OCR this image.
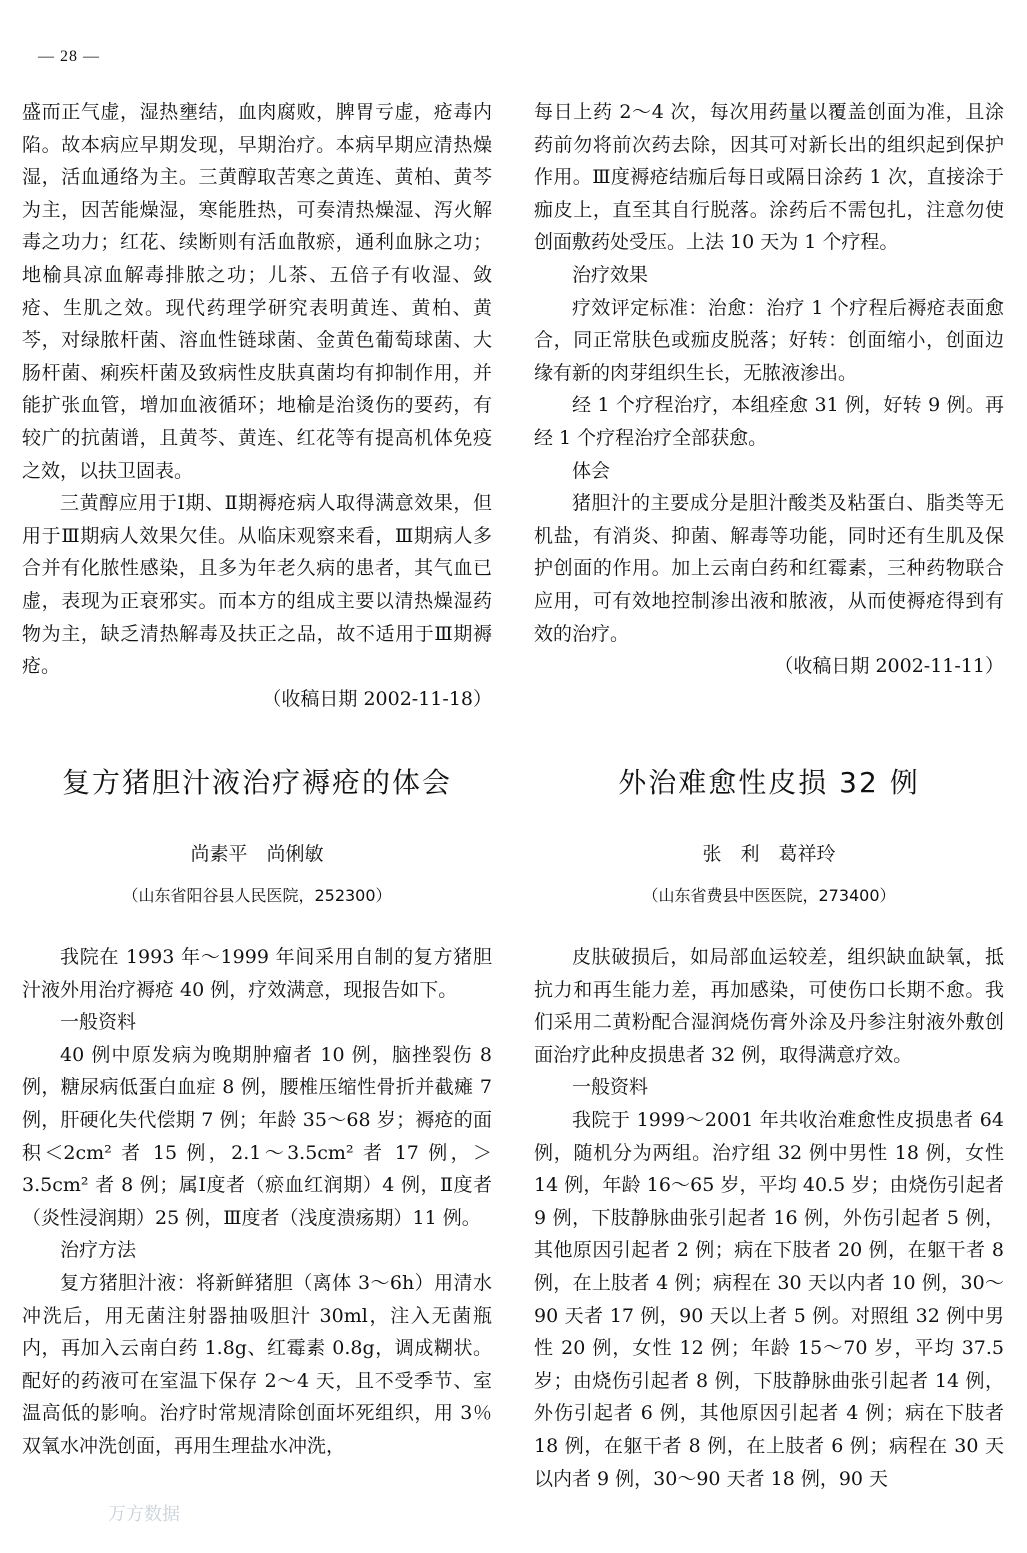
— 28 —

盛而正气虚，湿热壅结，血肉腐败，脾胃亏虚，疮毒内陷。故本病应早期发现，早期治疗。本病早期应清热燥湿，活血通络为主。三黄醇取苦寒之黄连、黄柏、黄芩为主，因苦能燥湿，寒能胜热，可奏清热燥湿、泻火解毒之功力；红花、续断则有活血散瘀，通利血脉之功；地榆具凉血解毒排脓之功；儿茶、五倍子有收湿、敛疮、生肌之效。现代药理学研究表明黄连、黄柏、黄芩，对绿脓杆菌、溶血性链球菌、金黄色葡萄球菌、大肠杆菌、痢疾杆菌及致病性皮肤真菌均有抑制作用，并能扩张血管，增加血液循环；地榆是治烫伤的要药，有较广的抗菌谱，且黄芩、黄连、红花等有提高机体免疫之效，以扶卫固表。

三黄醇应用于Ⅰ期、Ⅱ期褥疮病人取得满意效果，但用于Ⅲ期病人效果欠佳。从临床观察来看，Ⅲ期病人多合并有化脓性感染，且多为年老久病的患者，其气血已虚，表现为正衰邪实。而本方的组成主要以清热燥湿药物为主，缺乏清热解毒及扶正之品，故不适用于Ⅲ期褥疮。

（收稿日期 2002-11-18）

每日上药 2～4 次，每次用药量以覆盖创面为准，且涂药前勿将前次药去除，因其可对新长出的组织起到保护作用。Ⅲ度褥疮结痂后每日或隔日涂药 1 次，直接涂于痂皮上，直至其自行脱落。涂药后不需包扎，注意勿使创面敷药处受压。上法 10 天为 1 个疗程。

治疗效果

疗效评定标准：治愈：治疗 1 个疗程后褥疮表面愈合，同正常肤色或痂皮脱落；好转：创面缩小，创面边缘有新的肉芽组织生长，无脓液渗出。

经 1 个疗程治疗，本组痊愈 31 例，好转 9 例。再经 1 个疗程治疗全部获愈。

体会

猪胆汁的主要成分是胆汁酸类及粘蛋白、脂类等无机盐，有消炎、抑菌、解毒等功能，同时还有生肌及保护创面的作用。加上云南白药和红霉素，三种药物联合应用，可有效地控制渗出液和脓液，从而使褥疮得到有效的治疗。

（收稿日期 2002-11-11）

复方猪胆汁液治疗褥疮的体会
尚素平　尚俐敏
（山东省阳谷县人民医院，252300）
外治难愈性皮损 32 例
张　利　葛祥玲
（山东省费县中医医院，273400）

我院在 1993 年～1999 年间采用自制的复方猪胆汁液外用治疗褥疮 40 例，疗效满意，现报告如下。

一般资料

40 例中原发病为晚期肿瘤者 10 例，脑挫裂伤 8 例，糖尿病低蛋白血症 8 例，腰椎压缩性骨折并截瘫 7 例，肝硬化失代偿期 7 例；年龄 35～68 岁；褥疮的面积＜2cm² 者 15 例，2.1～3.5cm² 者 17 例，＞3.5cm² 者 8 例；属Ⅰ度者（瘀血红润期）4 例，Ⅱ度者（炎性浸润期）25 例，Ⅲ度者（浅度溃疡期）11 例。

治疗方法

复方猪胆汁液：将新鲜猪胆（离体 3～6h）用清水冲洗后，用无菌注射器抽吸胆汁 30ml，注入无菌瓶内，再加入云南白药 1.8g、红霉素 0.8g，调成糊状。配好的药液可在室温下保存 2～4 天，且不受季节、室温高低的影响。治疗时常规清除创面坏死组织，用 3％双氧水冲洗创面，再用生理盐水冲洗，

皮肤破损后，如局部血运较差，组织缺血缺氧，抵抗力和再生能力差，再加感染，可使伤口长期不愈。我们采用二黄粉配合湿润烧伤膏外涂及丹参注射液外敷创面治疗此种皮损患者 32 例，取得满意疗效。

一般资料

我院于 1999～2001 年共收治难愈性皮损患者 64 例，随机分为两组。治疗组 32 例中男性 18 例，女性 14 例，年龄 16～65 岁，平均 40.5 岁；由烧伤引起者 9 例，下肢静脉曲张引起者 16 例，外伤引起者 5 例，其他原因引起者 2 例；病在下肢者 20 例，在躯干者 8 例，在上肢者 4 例；病程在 30 天以内者 10 例，30～90 天者 17 例，90 天以上者 5 例。对照组 32 例中男性 20 例，女性 12 例；年龄 15～70 岁，平均 37.5 岁；由烧伤引起者 8 例，下肢静脉曲张引起者 14 例，外伤引起者 6 例，其他原因引起者 4 例；病在下肢者 18 例，在躯干者 8 例，在上肢者 6 例；病程在 30 天以内者 9 例，30～90 天者 18 例，90 天

万方数据
